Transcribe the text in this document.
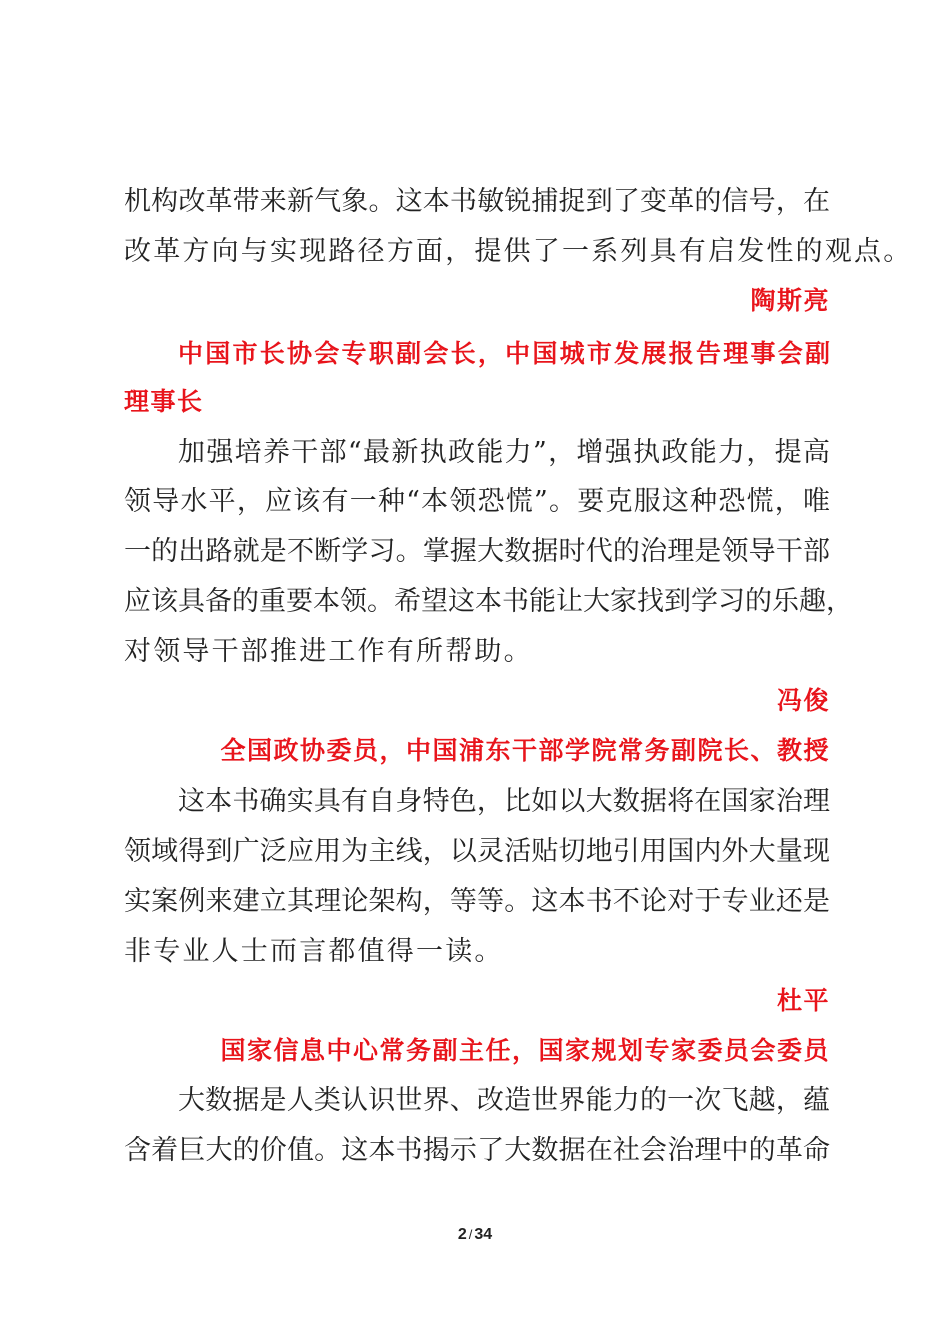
机构改革带来新气象。这本书敏锐捕捉到了变革的信号，在
改革方向与实现路径方面，提供了一系列具有启发性的观点。
陶斯亮
中国市长协会专职副会长，中国城市发展报告理事会副
理事长
加强培养干部“最新执政能力”，增强执政能力，提高
领导水平，应该有一种“本领恐慌”。要克服这种恐慌，唯
一的出路就是不断学习。掌握大数据时代的治理是领导干部
应该具备的重要本领。希望这本书能让大家找到学习的乐趣，
对领导干部推进工作有所帮助。
冯俊
全国政协委员，中国浦东干部学院常务副院长、教授
这本书确实具有自身特色，比如以大数据将在国家治理
领域得到广泛应用为主线，以灵活贴切地引用国内外大量现
实案例来建立其理论架构，等等。这本书不论对于专业还是
非专业人士而言都值得一读。
杜平
国家信息中心常务副主任，国家规划专家委员会委员
大数据是人类认识世界、改造世界能力的一次飞越，蕴
含着巨大的价值。这本书揭示了大数据在社会治理中的革命
2 / 34
